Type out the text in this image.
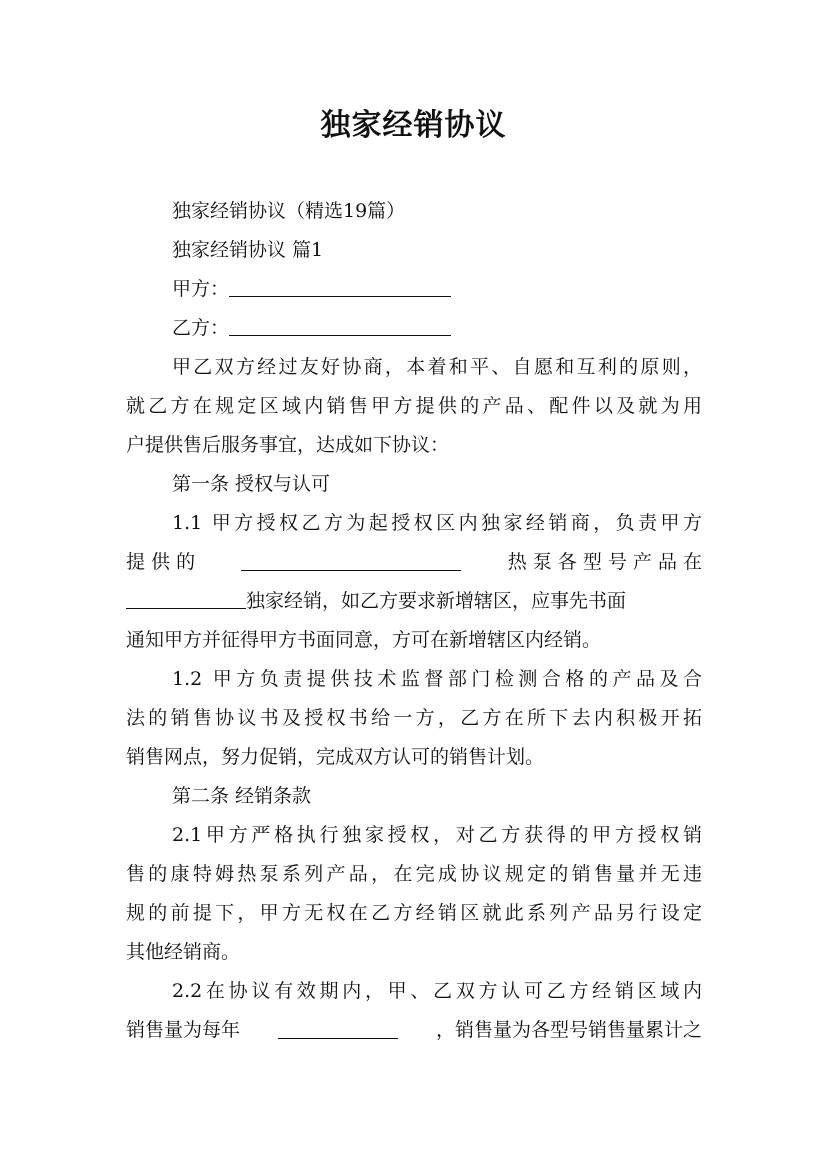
独家经销协议
独家经销协议（精选19篇）
独家经销协议 篇1
甲方：
乙方：
甲乙双方经过友好协商，本着和平、自愿和互利的原则，
就乙方在规定区域内销售甲方提供的产品、配件以及就为用
户提供售后服务事宜，达成如下协议：
第一条 授权与认可
1.1 甲方授权乙方为起授权区内独家经销商，负责甲方
提 供 的	热 泵 各 型 号 产 品 在
独家经销，如乙方要求新增辖区，应事先书面
通知甲方并征得甲方书面同意，方可在新增辖区内经销。
1.2 甲方负责提供技术监督部门检测合格的产品及合
法的销售协议书及授权书给一方，乙方在所下去内积极开拓
销售网点，努力促销，完成双方认可的销售计划。
第二条 经销条款
2.1甲方严格执行独家授权，对乙方获得的甲方授权销
售的康特姆热泵系列产品，在完成协议规定的销售量并无违
规的前提下，甲方无权在乙方经销区就此系列产品另行设定
其他经销商。
2.2在协议有效期内，甲、乙双方认可乙方经销区域内
销售量为每年	，销售量为各型号销售量累计之
